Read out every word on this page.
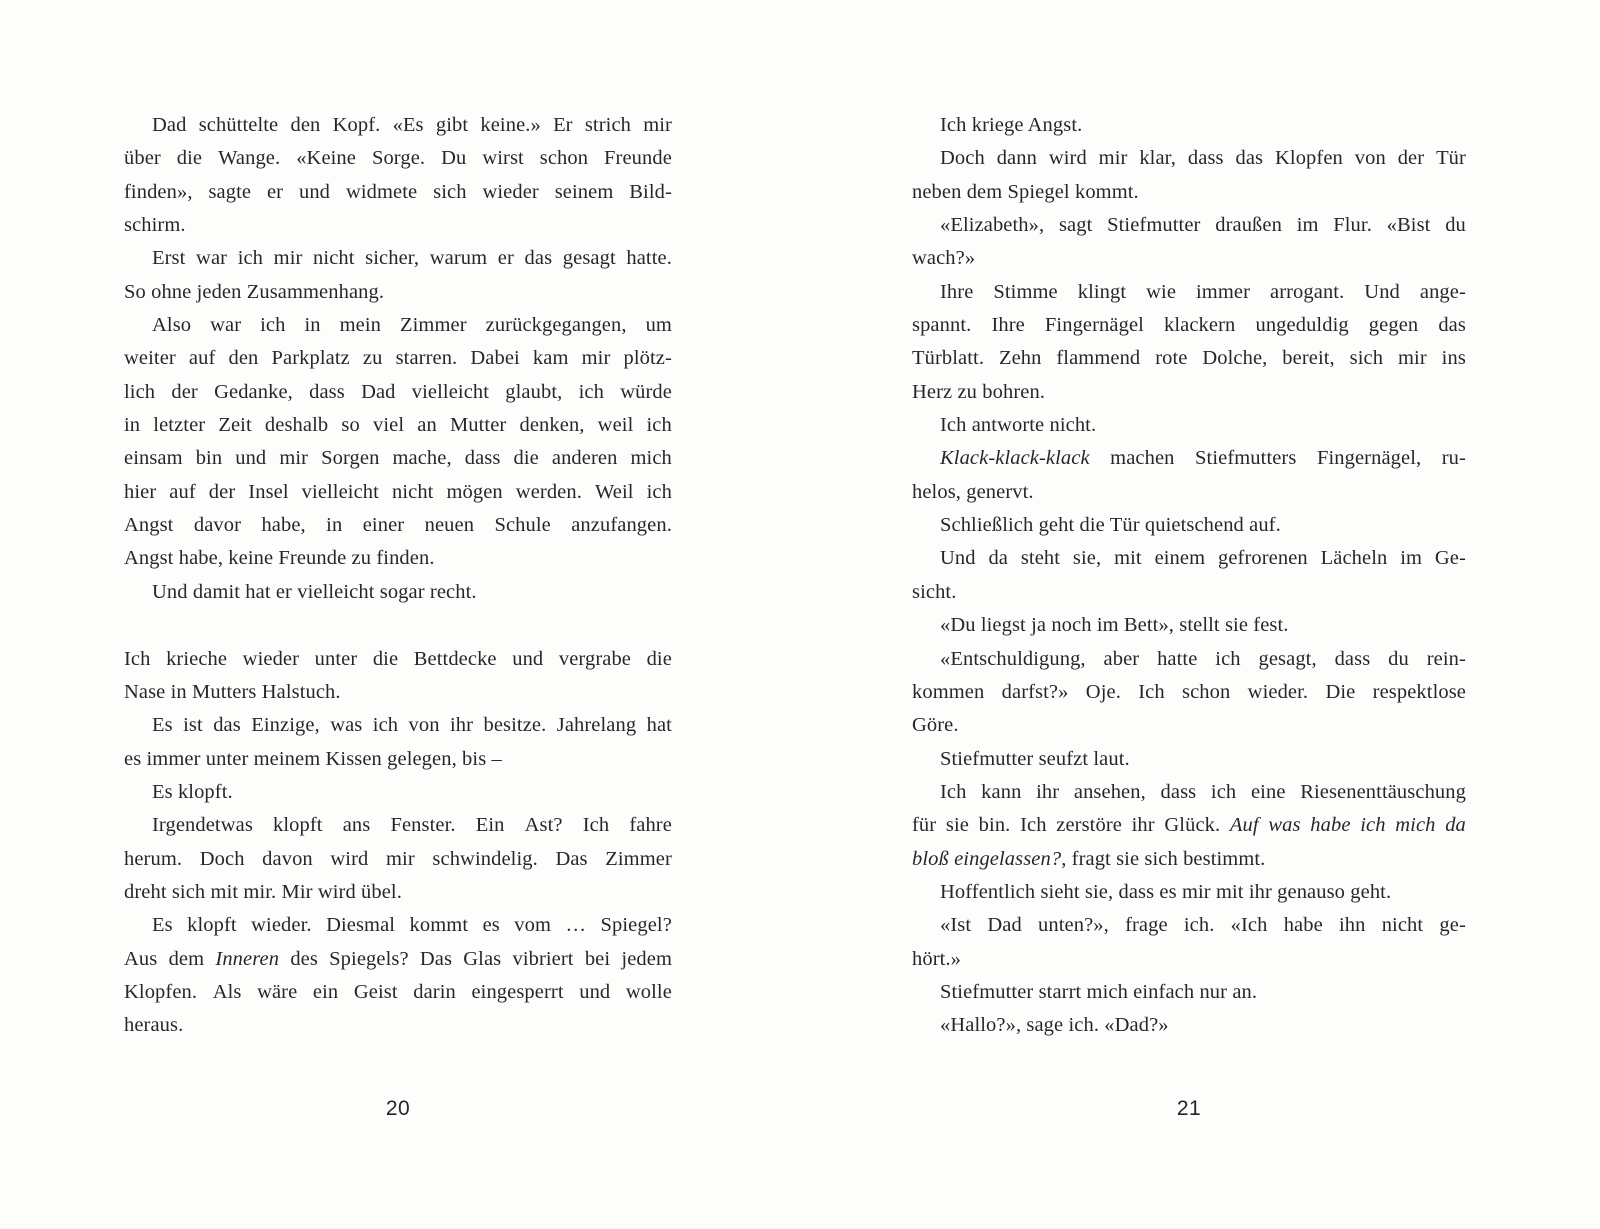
Dad schüttelte den Kopf. «Es gibt keine.» Er strich mir
über die Wange. «Keine Sorge. Du wirst schon Freunde
finden», sagte er und widmete sich wieder seinem Bild-
schirm.
Erst war ich mir nicht sicher, warum er das gesagt hatte.
So ohne jeden Zusammenhang.
Also war ich in mein Zimmer zurückgegangen, um
weiter auf den Parkplatz zu starren. Dabei kam mir plötz-
lich der Gedanke, dass Dad vielleicht glaubt, ich würde
in letzter Zeit deshalb so viel an Mutter denken, weil ich
einsam bin und mir Sorgen mache, dass die anderen mich
hier auf der Insel vielleicht nicht mögen werden. Weil ich
Angst davor habe, in einer neuen Schule anzufangen.
Angst habe, keine Freunde zu finden.
Und damit hat er vielleicht sogar recht.
Ich krieche wieder unter die Bettdecke und vergrabe die
Nase in Mutters Halstuch.
Es ist das Einzige, was ich von ihr besitze. Jahrelang hat
es immer unter meinem Kissen gelegen, bis –
Es klopft.
Irgendetwas klopft ans Fenster. Ein Ast? Ich fahre
herum. Doch davon wird mir schwindelig. Das Zimmer
dreht sich mit mir. Mir wird übel.
Es klopft wieder. Diesmal kommt es vom … Spiegel?
Aus dem Inneren des Spiegels? Das Glas vibriert bei jedem
Klopfen. Als wäre ein Geist darin eingesperrt und wolle
heraus.
20
Ich kriege Angst.
Doch dann wird mir klar, dass das Klopfen von der Tür
neben dem Spiegel kommt.
«Elizabeth», sagt Stiefmutter draußen im Flur. «Bist du
wach?»
Ihre Stimme klingt wie immer arrogant. Und ange-
spannt. Ihre Fingernägel klackern ungeduldig gegen das
Türblatt. Zehn flammend rote Dolche, bereit, sich mir ins
Herz zu bohren.
Ich antworte nicht.
Klack-klack-klack machen Stiefmutters Fingernägel, ru-
helos, genervt.
Schließlich geht die Tür quietschend auf.
Und da steht sie, mit einem gefrorenen Lächeln im Ge-
sicht.
«Du liegst ja noch im Bett», stellt sie fest.
«Entschuldigung, aber hatte ich gesagt, dass du rein-
kommen darfst?» Oje. Ich schon wieder. Die respektlose
Göre.
Stiefmutter seufzt laut.
Ich kann ihr ansehen, dass ich eine Riesenenttäuschung
für sie bin. Ich zerstöre ihr Glück. Auf was habe ich mich da
bloß eingelassen?, fragt sie sich bestimmt.
Hoffentlich sieht sie, dass es mir mit ihr genauso geht.
«Ist Dad unten?», frage ich. «Ich habe ihn nicht ge-
hört.»
Stiefmutter starrt mich einfach nur an.
«Hallo?», sage ich. «Dad?»
21
